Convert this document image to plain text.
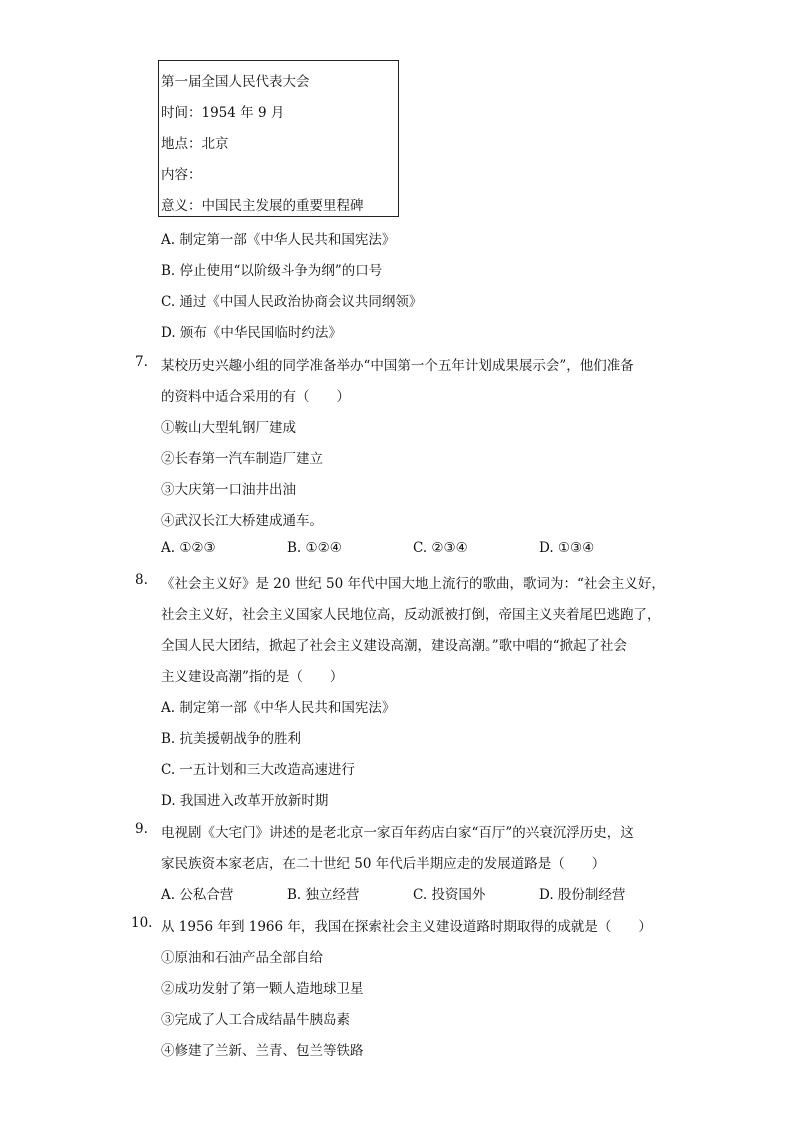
第一届全国人民代表大会
时间：1954 年 9 月
地点：北京
内容：
意义：中国民主发展的重要里程碑
A. 制定第一部《中华人民共和国宪法》
B. 停止使用“以阶级斗争为纲”的口号
C. 通过《中国人民政治协商会议共同纲领》
D. 颁布《中华民国临时约法》
7. 某校历史兴趣小组的同学准备举办“中国第一个五年计划成果展示会”，他们准备
的资料中适合采用的有（　　）
①鞍山大型轧钢厂建成
②长春第一汽车制造厂建立
③大庆第一口油井出油
④武汉长江大桥建成通车。
A. ①②③	B. ①②④	C. ②③④	D. ①③④
8. 《社会主义好》是 20 世纪 50 年代中国大地上流行的歌曲，歌词为：“社会主义好，
社会主义好，社会主义国家人民地位高，反动派被打倒，帝国主义夹着尾巴逃跑了，
全国人民大团结，掀起了社会主义建设高潮，建设高潮。”歌中唱的“掀起了社会
主义建设高潮”指的是（　　）
A. 制定第一部《中华人民共和国宪法》
B. 抗美援朝战争的胜利
C. 一五计划和三大改造高速进行
D. 我国进入改革开放新时期
9. 电视剧《大宅门》讲述的是老北京一家百年药店白家“百厅”的兴衰沉浮历史，这
家民族资本家老店，在二十世纪 50 年代后半期应走的发展道路是（　　）
A. 公私合营	B. 独立经营	C. 投资国外	D. 股份制经营
10. 从 1956 年到 1966 年，我国在探索社会主义建设道路时期取得的成就是（　　）
①原油和石油产品全部自给
②成功发射了第一颗人造地球卫星
③完成了人工合成结晶牛胰岛素
④修建了兰新、兰青、包兰等铁路
